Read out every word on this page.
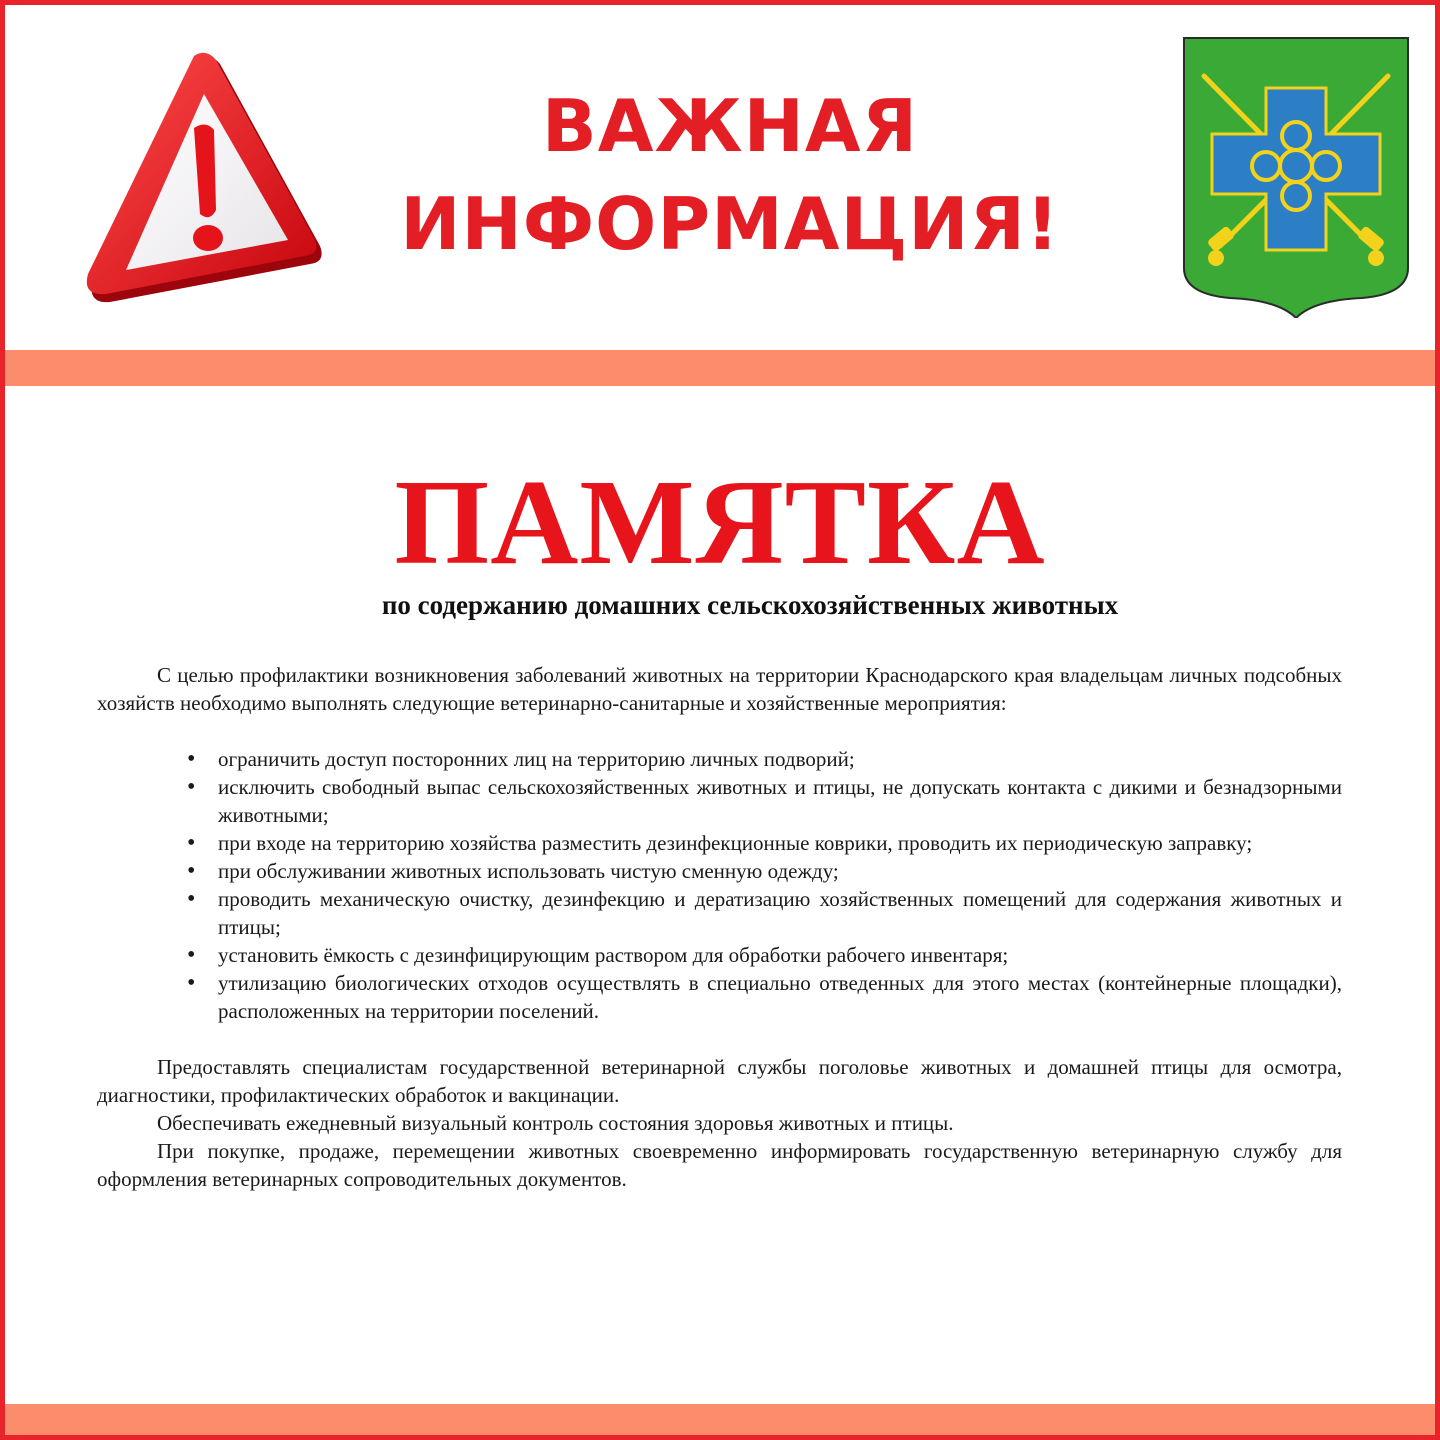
ВАЖНАЯ
ИНФОРМАЦИЯ!
ПАМЯТКА
по содержанию домашних сельскохозяйственных животных

С целью профилактики возникновения заболеваний животных на территории Краснодарского края владельцам личных подсобных хозяйств необходимо выполнять следующие ветеринарно-санитарные и хозяйственные мероприятия:

• ограничить доступ посторонних лиц на территорию личных подворий;
• исключить свободный выпас сельскохозяйственных животных и птицы, не допускать контакта с дикими и безнадзорными животными;
• при входе на территорию хозяйства разместить дезинфекционные коврики, проводить их периодическую заправку;
• при обслуживании животных использовать чистую сменную одежду;
• проводить механическую очистку, дезинфекцию и дератизацию хозяйственных помещений для содержания животных и птицы;
• установить ёмкость с дезинфицирующим раствором для обработки рабочего инвентаря;
• утилизацию биологических отходов осуществлять в специально отведенных для этого местах (контейнерные площадки), расположенных на территории поселений.

Предоставлять специалистам государственной ветеринарной службы поголовье животных и домашней птицы для осмотра, диагностики, профилактических обработок и вакцинации.

Обеспечивать ежедневный визуальный контроль состояния здоровья животных и птицы.

При покупке, продаже, перемещении животных своевременно информировать государственную ветеринарную службу для оформления ветеринарных сопроводительных документов.
